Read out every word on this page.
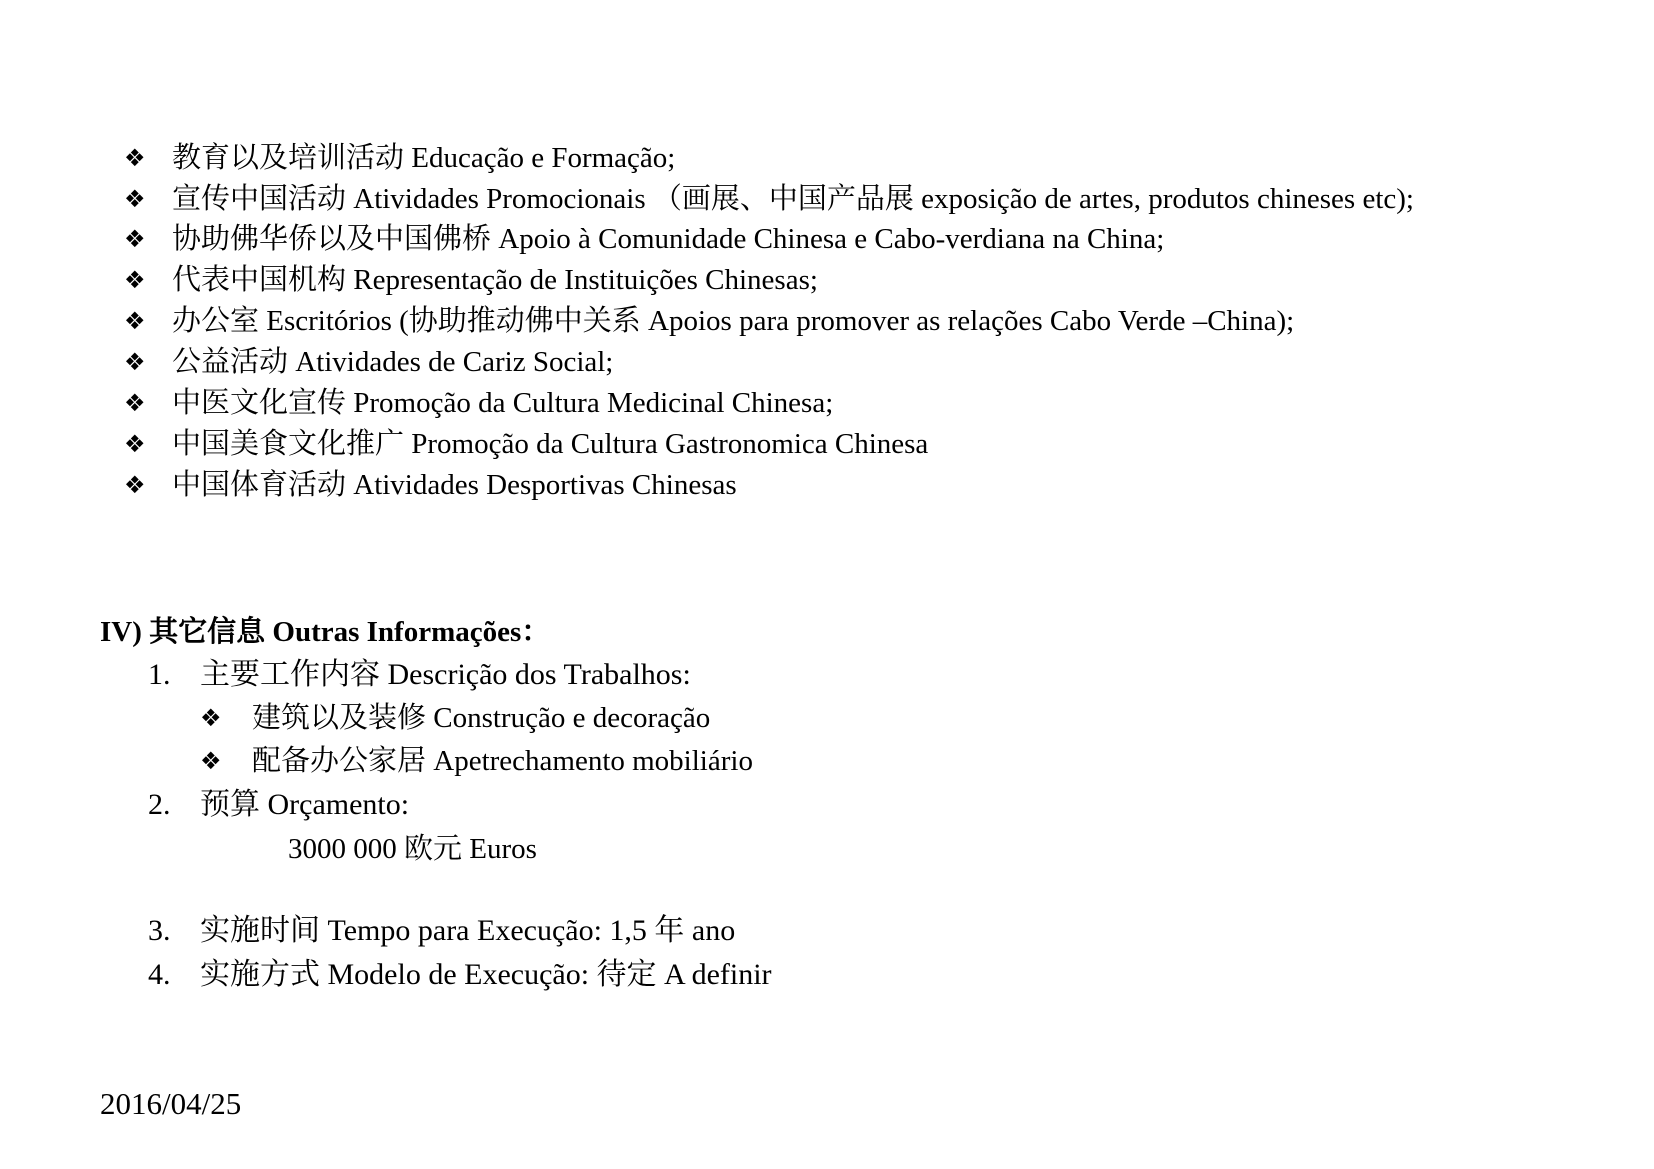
❖ 教育以及培训活动 Educação e Formação;
❖ 宣传中国活动 Atividades Promocionais （画展、中国产品展 exposição de artes, produtos chineses etc);
❖ 协助佛华侨以及中国佛桥 Apoio à Comunidade Chinesa e Cabo-verdiana na China;
❖ 代表中国机构 Representação de Instituições Chinesas;
❖ 办公室 Escritórios (协助推动佛中关系 Apoios para promover as relações Cabo Verde –China);
❖ 公益活动 Atividades de Cariz Social;
❖ 中医文化宣传 Promoção da Cultura Medicinal Chinesa;
❖ 中国美食文化推广 Promoção da Cultura Gastronomica Chinesa
❖ 中国体育活动 Atividades Desportivas Chinesas
IV) 其它信息 Outras Informações：
1. 主要工作内容 Descrição dos Trabalhos:
❖ 建筑以及装修 Construção e decoração
❖ 配备办公家居 Apetrechamento mobiliário
2. 预算 Orçamento:
3000 000 欧元 Euros
3. 实施时间 Tempo para Execução: 1,5 年 ano
4. 实施方式 Modelo de Execução: 待定 A definir
2016/04/25
